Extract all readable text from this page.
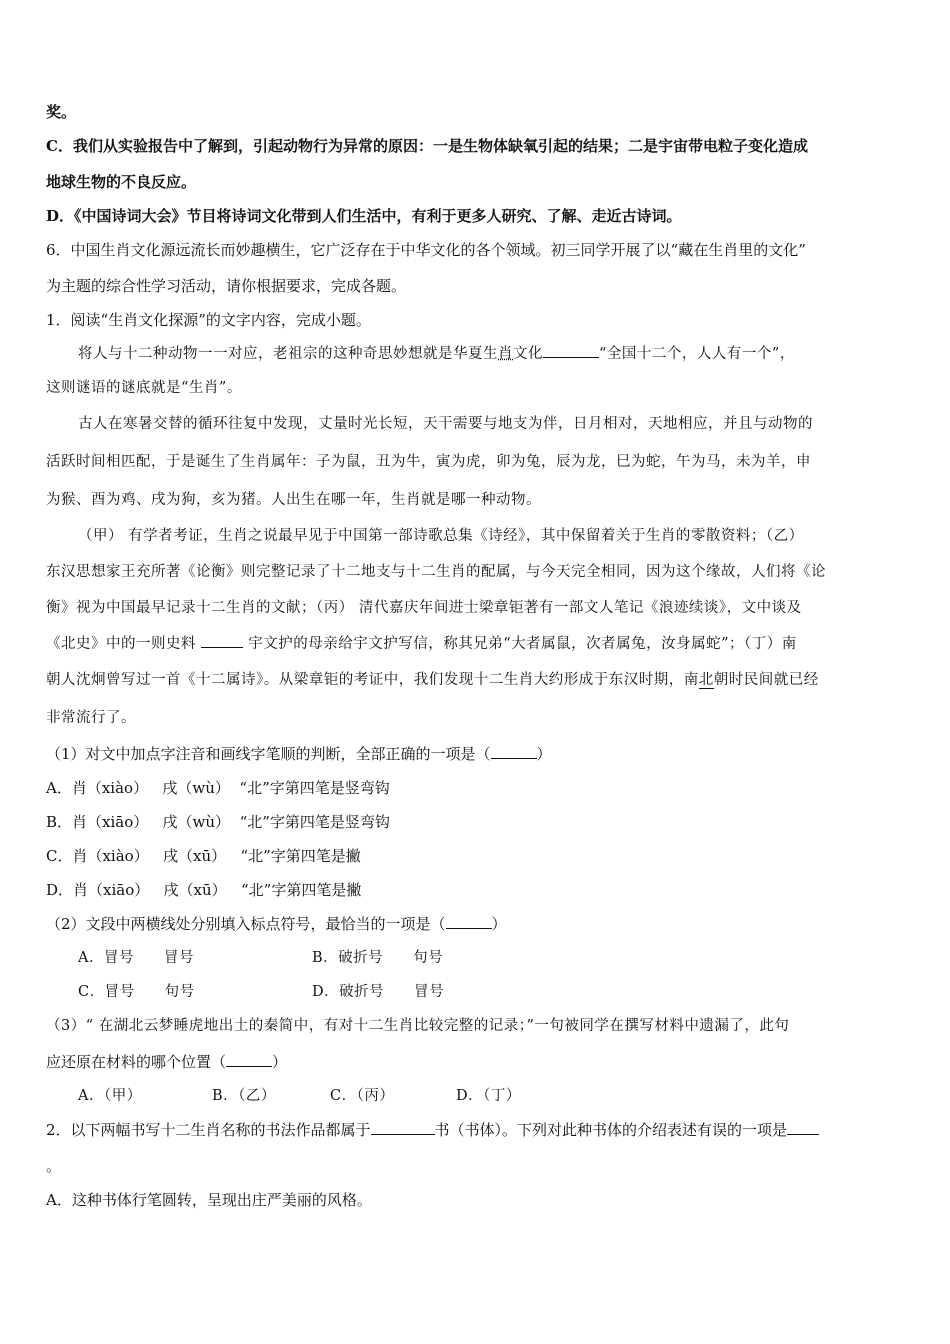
奖。

C．我们从实验报告中了解到，引起动物行为异常的原因：一是生物体缺氧引起的结果；二是宇宙带电粒子变化造成

地球生物的不良反应。

D．《中国诗词大会》节目将诗词文化带到人们生活中，有利于更多人研究、了解、走近古诗词。

6．中国生肖文化源远流长而妙趣横生，它广泛存在于中华文化的各个领域。初三同学开展了以“藏在生肖里的文化”

为主题的综合性学习活动，请你根据要求，完成各题。

1．阅读“生肖文化探源”的文字内容，完成小题。

将人与十二种动物一一对应，老祖宗的这种奇思妙想就是华夏生肖文化	“全国十二个，人人有一个”，

这则谜语的谜底就是“生肖”。

古人在寒暑交替的循环往复中发现，丈量时光长短，天干需要与地支为伴，日月相对，天地相应，并且与动物的

活跃时间相匹配，于是诞生了生肖属年：子为鼠，丑为牛，寅为虎，卯为兔，辰为龙，巳为蛇，午为马，未为羊，申

为猴、酉为鸡、戌为狗，亥为猪。人出生在哪一年，生肖就是哪一种动物。

（甲） 有学者考证，生肖之说最早见于中国第一部诗歌总集《诗经》，其中保留着关于生肖的零散资料；（乙）

东汉思想家王充所著《论衡》则完整记录了十二地支与十二生肖的配属，与今天完全相同，因为这个缘故，人们将《论

衡》视为中国最早记录十二生肖的文献；（丙） 清代嘉庆年间进士梁章钜著有一部文人笔记《浪迹续谈》，文中谈及

《北史》中的一则史料	宇文护的母亲给宇文护写信，称其兄弟“大者属鼠，次者属兔，汝身属蛇”；（丁）南

朝人沈炯曾写过一首《十二属诗》。从梁章钜的考证中，我们发现十二生肖大约形成于东汉时期，南北朝时民间就已经

非常流行了。

（1）对文中加点字注音和画线字笔顺的判断，全部正确的一项是（	）

A．肖（xiào）   戌（wù）  “北”字第四笔是竖弯钩

B．肖（xiāo）   戌（wù）  “北”字第四笔是竖弯钩

C．肖（xiào）   戌（xū）   “北”字第四笔是撇

D．肖（xiāo）   戌（xū）   “北”字第四笔是撇

（2）文段中两横线处分别填入标点符号，最恰当的一项是（	）

A．冒号　　冒号	B．破折号　　句号

C．冒号　　句号	D．破折号　　冒号

（3）“ 在湖北云梦睡虎地出土的秦简中，有对十二生肖比较完整的记录；”一句被同学在撰写材料中遗漏了，此句

应还原在材料的哪个位置（	）

A．（甲）	B．（乙）	C．（丙）	D．（丁）

2．以下两幅书写十二生肖名称的书法作品都属于	书（书体）。下列对此种书体的介绍表述有误的一项是

。

A．这种书体行笔圆转，呈现出庄严美丽的风格。
